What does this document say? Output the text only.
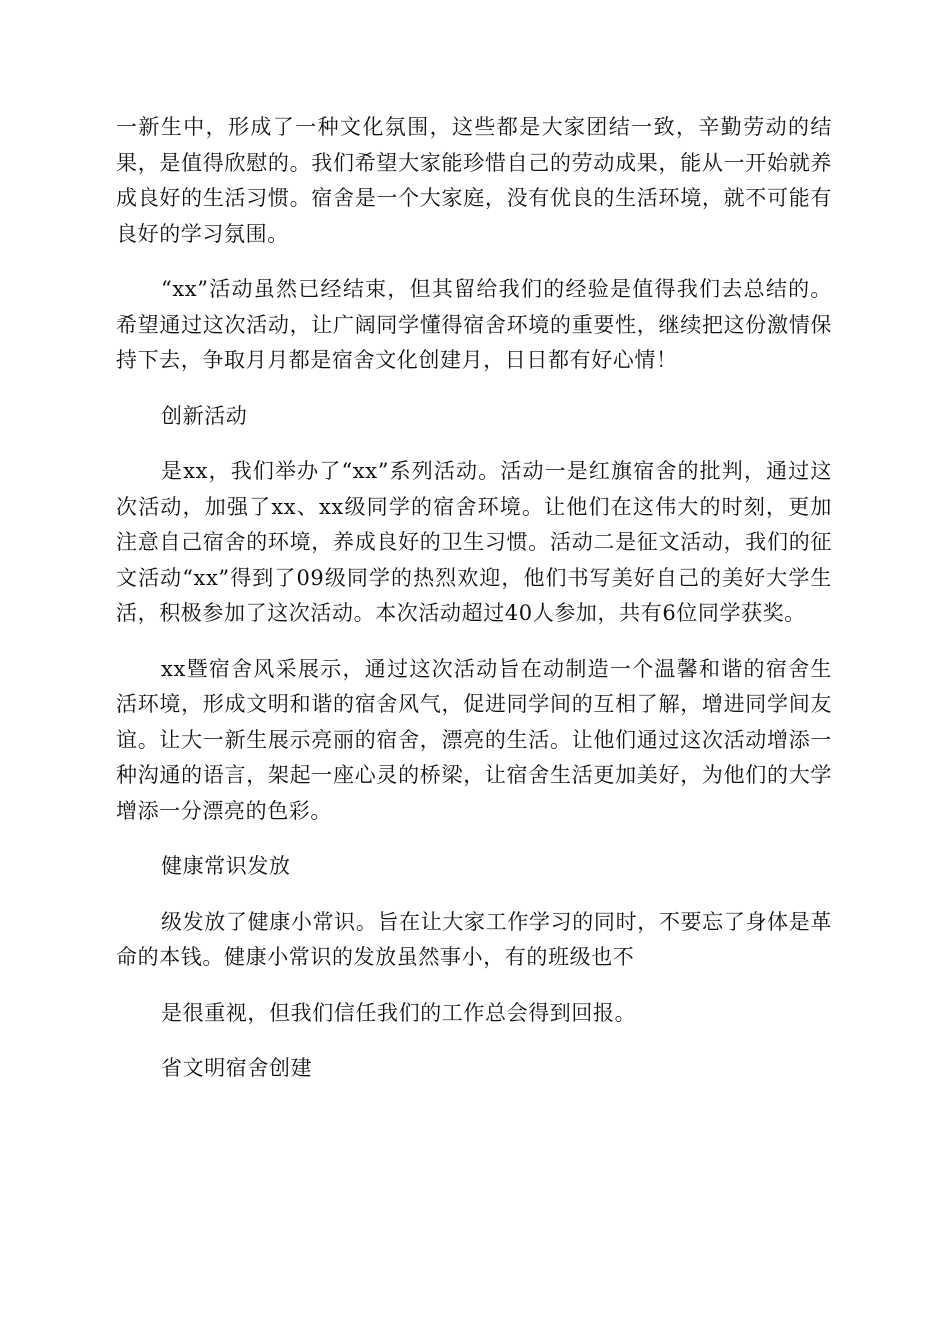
一新生中，形成了一种文化氛围，这些都是大家团结一致，辛勤劳动的结果，是值得欣慰的。我们希望大家能珍惜自己的劳动成果，能从一开始就养成良好的生活习惯。宿舍是一个大家庭，没有优良的生活环境，就不可能有良好的学习氛围。

“xx”活动虽然已经结束，但其留给我们的经验是值得我们去总结的。希望通过这次活动，让广阔同学懂得宿舍环境的重要性，继续把这份激情保持下去，争取月月都是宿舍文化创建月，日日都有好心情！

创新活动

是xx，我们举办了“xx”系列活动。活动一是红旗宿舍的批判，通过这次活动，加强了xx、xx级同学的宿舍环境。让他们在这伟大的时刻，更加注意自己宿舍的环境，养成良好的卫生习惯。活动二是征文活动，我们的征文活动“xx”得到了09级同学的热烈欢迎，他们书写美好自己的美好大学生活，积极参加了这次活动。本次活动超过40人参加，共有6位同学获奖。

xx暨宿舍风采展示，通过这次活动旨在动制造一个温馨和谐的宿舍生活环境，形成文明和谐的宿舍风气，促进同学间的互相了解，增进同学间友谊。让大一新生展示亮丽的宿舍，漂亮的生活。让他们通过这次活动增添一种沟通的语言，架起一座心灵的桥梁，让宿舍生活更加美好，为他们的大学增添一分漂亮的色彩。

健康常识发放

级发放了健康小常识。旨在让大家工作学习的同时，不要忘了身体是革命的本钱。健康小常识的发放虽然事小，有的班级也不

是很重视，但我们信任我们的工作总会得到回报。

省文明宿舍创建
